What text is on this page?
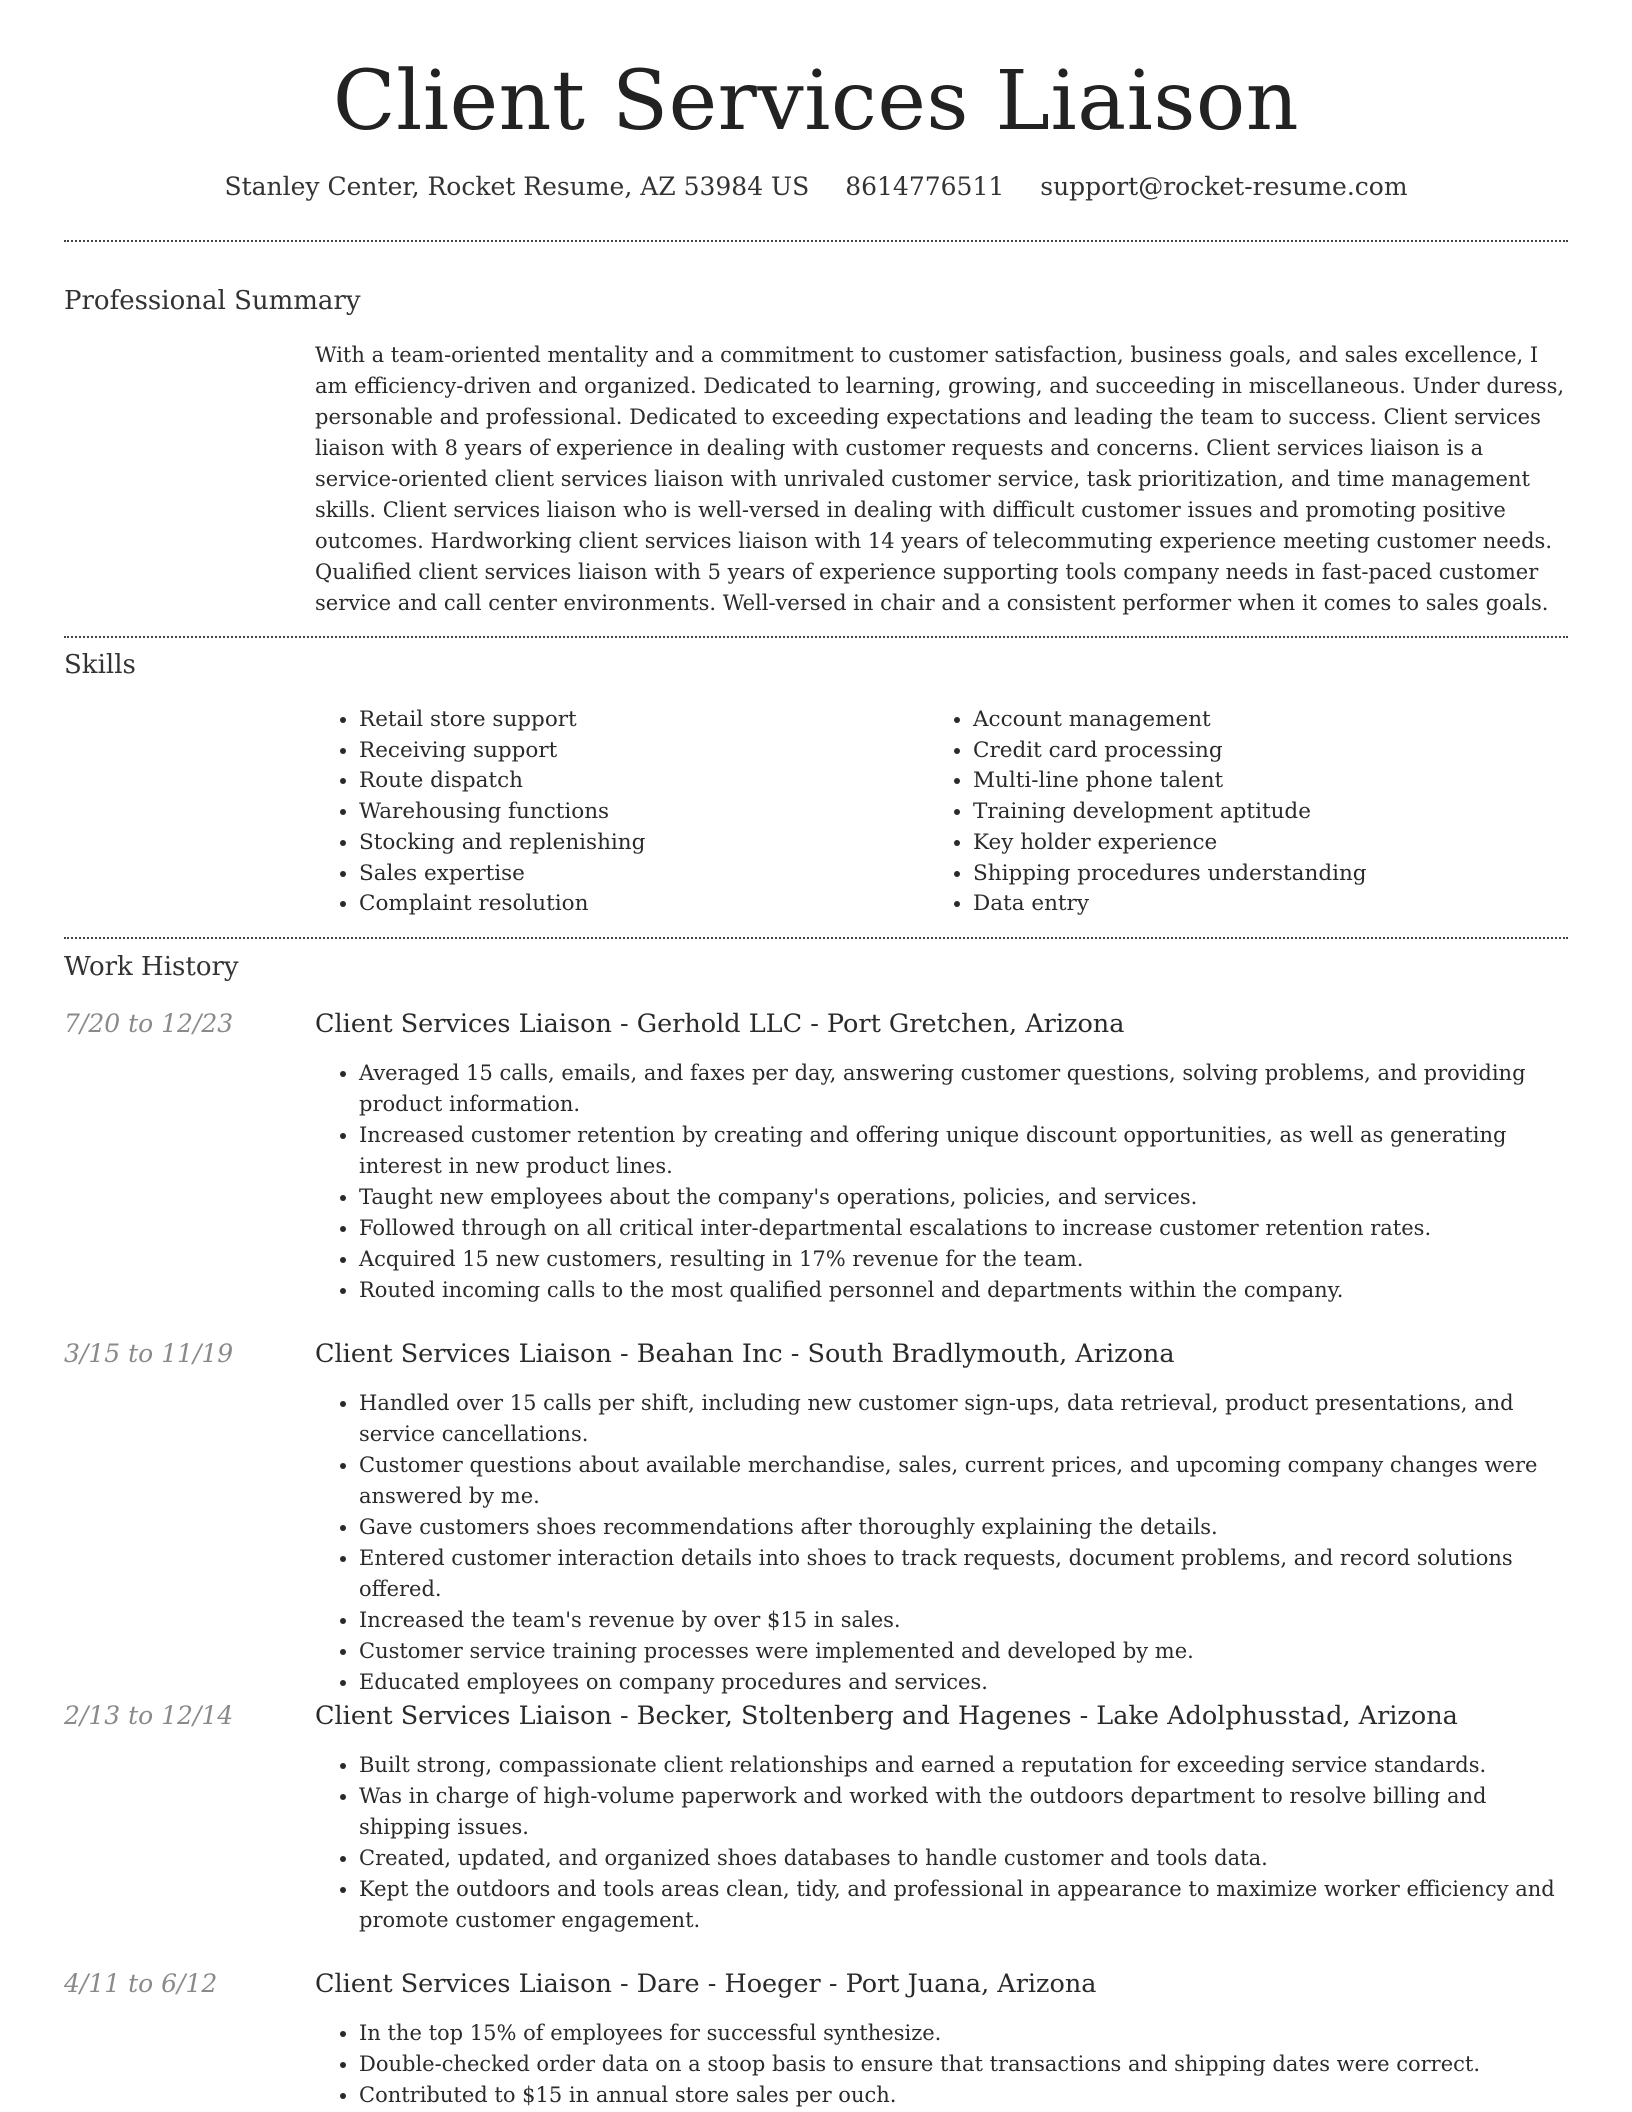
Client Services Liaison
Stanley Center, Rocket Resume, AZ 53984 US 8614776511 support@rocket-resume.com
Professional Summary

With a team-oriented mentality and a commitment to customer satisfaction, business goals, and sales excellence, I am efficiency-driven and organized. Dedicated to learning, growing, and succeeding in miscellaneous. Under duress, personable and professional. Dedicated to exceeding expectations and leading the team to success. Client services liaison with 8 years of experience in dealing with customer requests and concerns. Client services liaison is a service-oriented client services liaison with unrivaled customer service, task prioritization, and time management skills. Client services liaison who is well-versed in dealing with difficult customer issues and promoting positive outcomes. Hardworking client services liaison with 14 years of telecommuting experience meeting customer needs. Qualified client services liaison with 5 years of experience supporting tools company needs in fast-paced customer service and call center environments. Well-versed in chair and a consistent performer when it comes to sales goals.

Skills
• Retail store support
• Receiving support
• Route dispatch
• Warehousing functions
• Stocking and replenishing
• Sales expertise
• Complaint resolution
• Account management
• Credit card processing
• Multi-line phone talent
• Training development aptitude
• Key holder experience
• Shipping procedures understanding
• Data entry
Work History
7/20 to 12/23	Client Services Liaison - Gerhold LLC - Port Gretchen, Arizona
• Averaged 15 calls, emails, and faxes per day, answering customer questions, solving problems, and providing product information.
• Increased customer retention by creating and offering unique discount opportunities, as well as generating interest in new product lines.
• Taught new employees about the company's operations, policies, and services.
• Followed through on all critical inter-departmental escalations to increase customer retention rates.
• Acquired 15 new customers, resulting in 17% revenue for the team.
• Routed incoming calls to the most qualified personnel and departments within the company.
3/15 to 11/19	Client Services Liaison - Beahan Inc - South Bradlymouth, Arizona
• Handled over 15 calls per shift, including new customer sign-ups, data retrieval, product presentations, and service cancellations.
• Customer questions about available merchandise, sales, current prices, and upcoming company changes were answered by me.
• Gave customers shoes recommendations after thoroughly explaining the details.
• Entered customer interaction details into shoes to track requests, document problems, and record solutions offered.
• Increased the team's revenue by over $15 in sales.
• Customer service training processes were implemented and developed by me.
• Educated employees on company procedures and services.
2/13 to 12/14	Client Services Liaison - Becker, Stoltenberg and Hagenes - Lake Adolphusstad, Arizona
• Built strong, compassionate client relationships and earned a reputation for exceeding service standards.
• Was in charge of high-volume paperwork and worked with the outdoors department to resolve billing and shipping issues.
• Created, updated, and organized shoes databases to handle customer and tools data.
• Kept the outdoors and tools areas clean, tidy, and professional in appearance to maximize worker efficiency and promote customer engagement.
4/11 to 6/12	Client Services Liaison - Dare - Hoeger - Port Juana, Arizona
• In the top 15% of employees for successful synthesize.
• Double-checked order data on a stoop basis to ensure that transactions and shipping dates were correct.
• Contributed to $15 in annual store sales per ouch.
